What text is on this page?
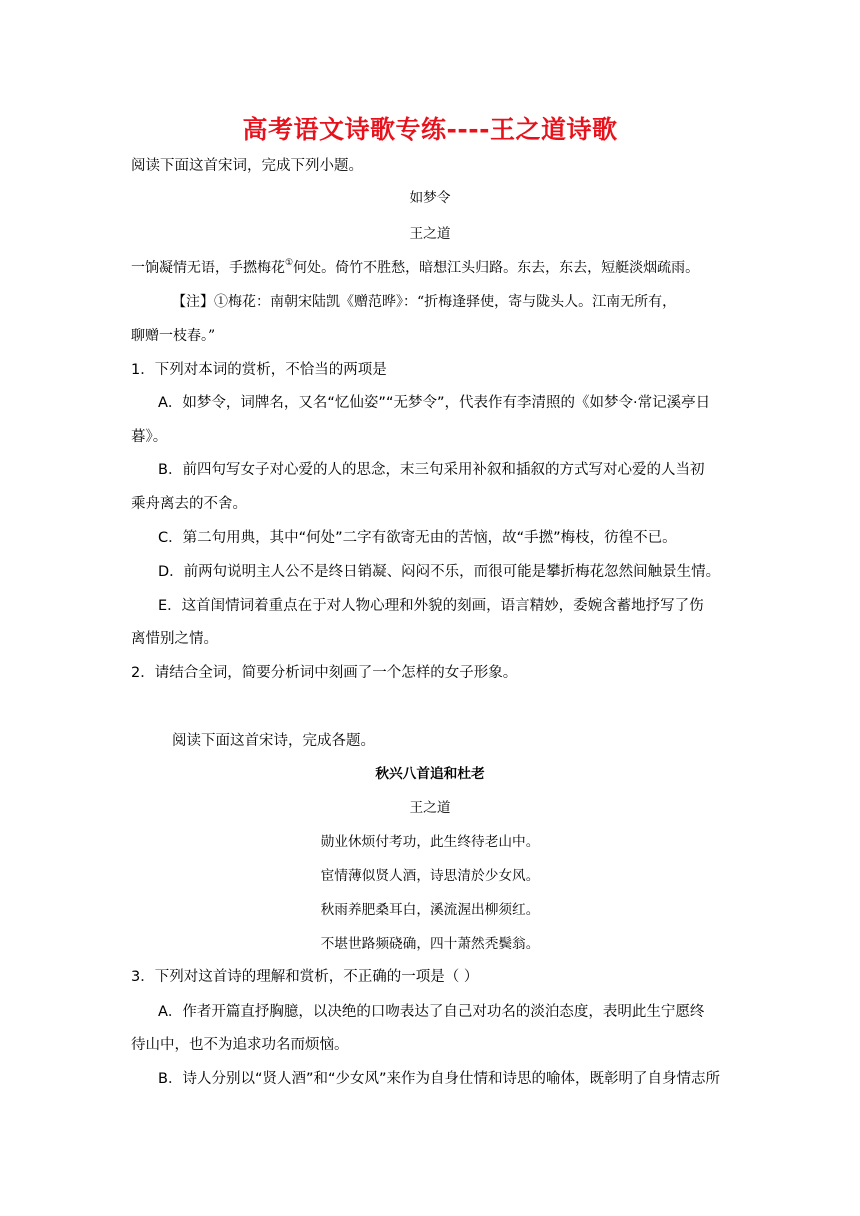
高考语文诗歌专练----王之道诗歌
阅读下面这首宋词，完成下列小题。
如梦令
王之道
一饷凝情无语，手撚梅花①何处。倚竹不胜愁，暗想江头归路。东去，东去，短艇淡烟疏雨。
【注】①梅花：南朝宋陆凯《赠范晔》：“折梅逢驿使，寄与陇头人。江南无所有，
聊赠一枝春。”
1．下列对本词的赏析，不恰当的两项是
A．如梦令，词牌名，又名“忆仙姿”“无梦令”，代表作有李清照的《如梦令·常记溪亭日
暮》。
B．前四句写女子对心爱的人的思念，末三句采用补叙和插叙的方式写对心爱的人当初
乘舟离去的不舍。
C．第二句用典，其中“何处”二字有欲寄无由的苦恼，故“手撚”梅枝，彷徨不已。
D．前两句说明主人公不是终日销凝、闷闷不乐，而很可能是攀折梅花忽然间触景生情。
E．这首闺情词着重点在于对人物心理和外貌的刻画，语言精妙，委婉含蓄地抒写了伤
离惜别之情。
2．请结合全词，简要分析词中刻画了一个怎样的女子形象。
阅读下面这首宋诗，完成各题。
秋兴八首追和杜老
王之道
勋业休烦付考功，此生终待老山中。
宦情薄似贤人酒，诗思清於少女风。
秋雨养肥桑耳白，溪流渥出柳须红。
不堪世路频硗确，四十萧然秃鬓翁。
3．下列对这首诗的理解和赏析，不正确的一项是（ ）
A．作者开篇直抒胸臆，以决绝的口吻表达了自己对功名的淡泊态度，表明此生宁愿终
待山中，也不为追求功名而烦恼。
B．诗人分别以“贤人酒”和“少女风”来作为自身仕情和诗思的喻体，既彰明了自身情志所
